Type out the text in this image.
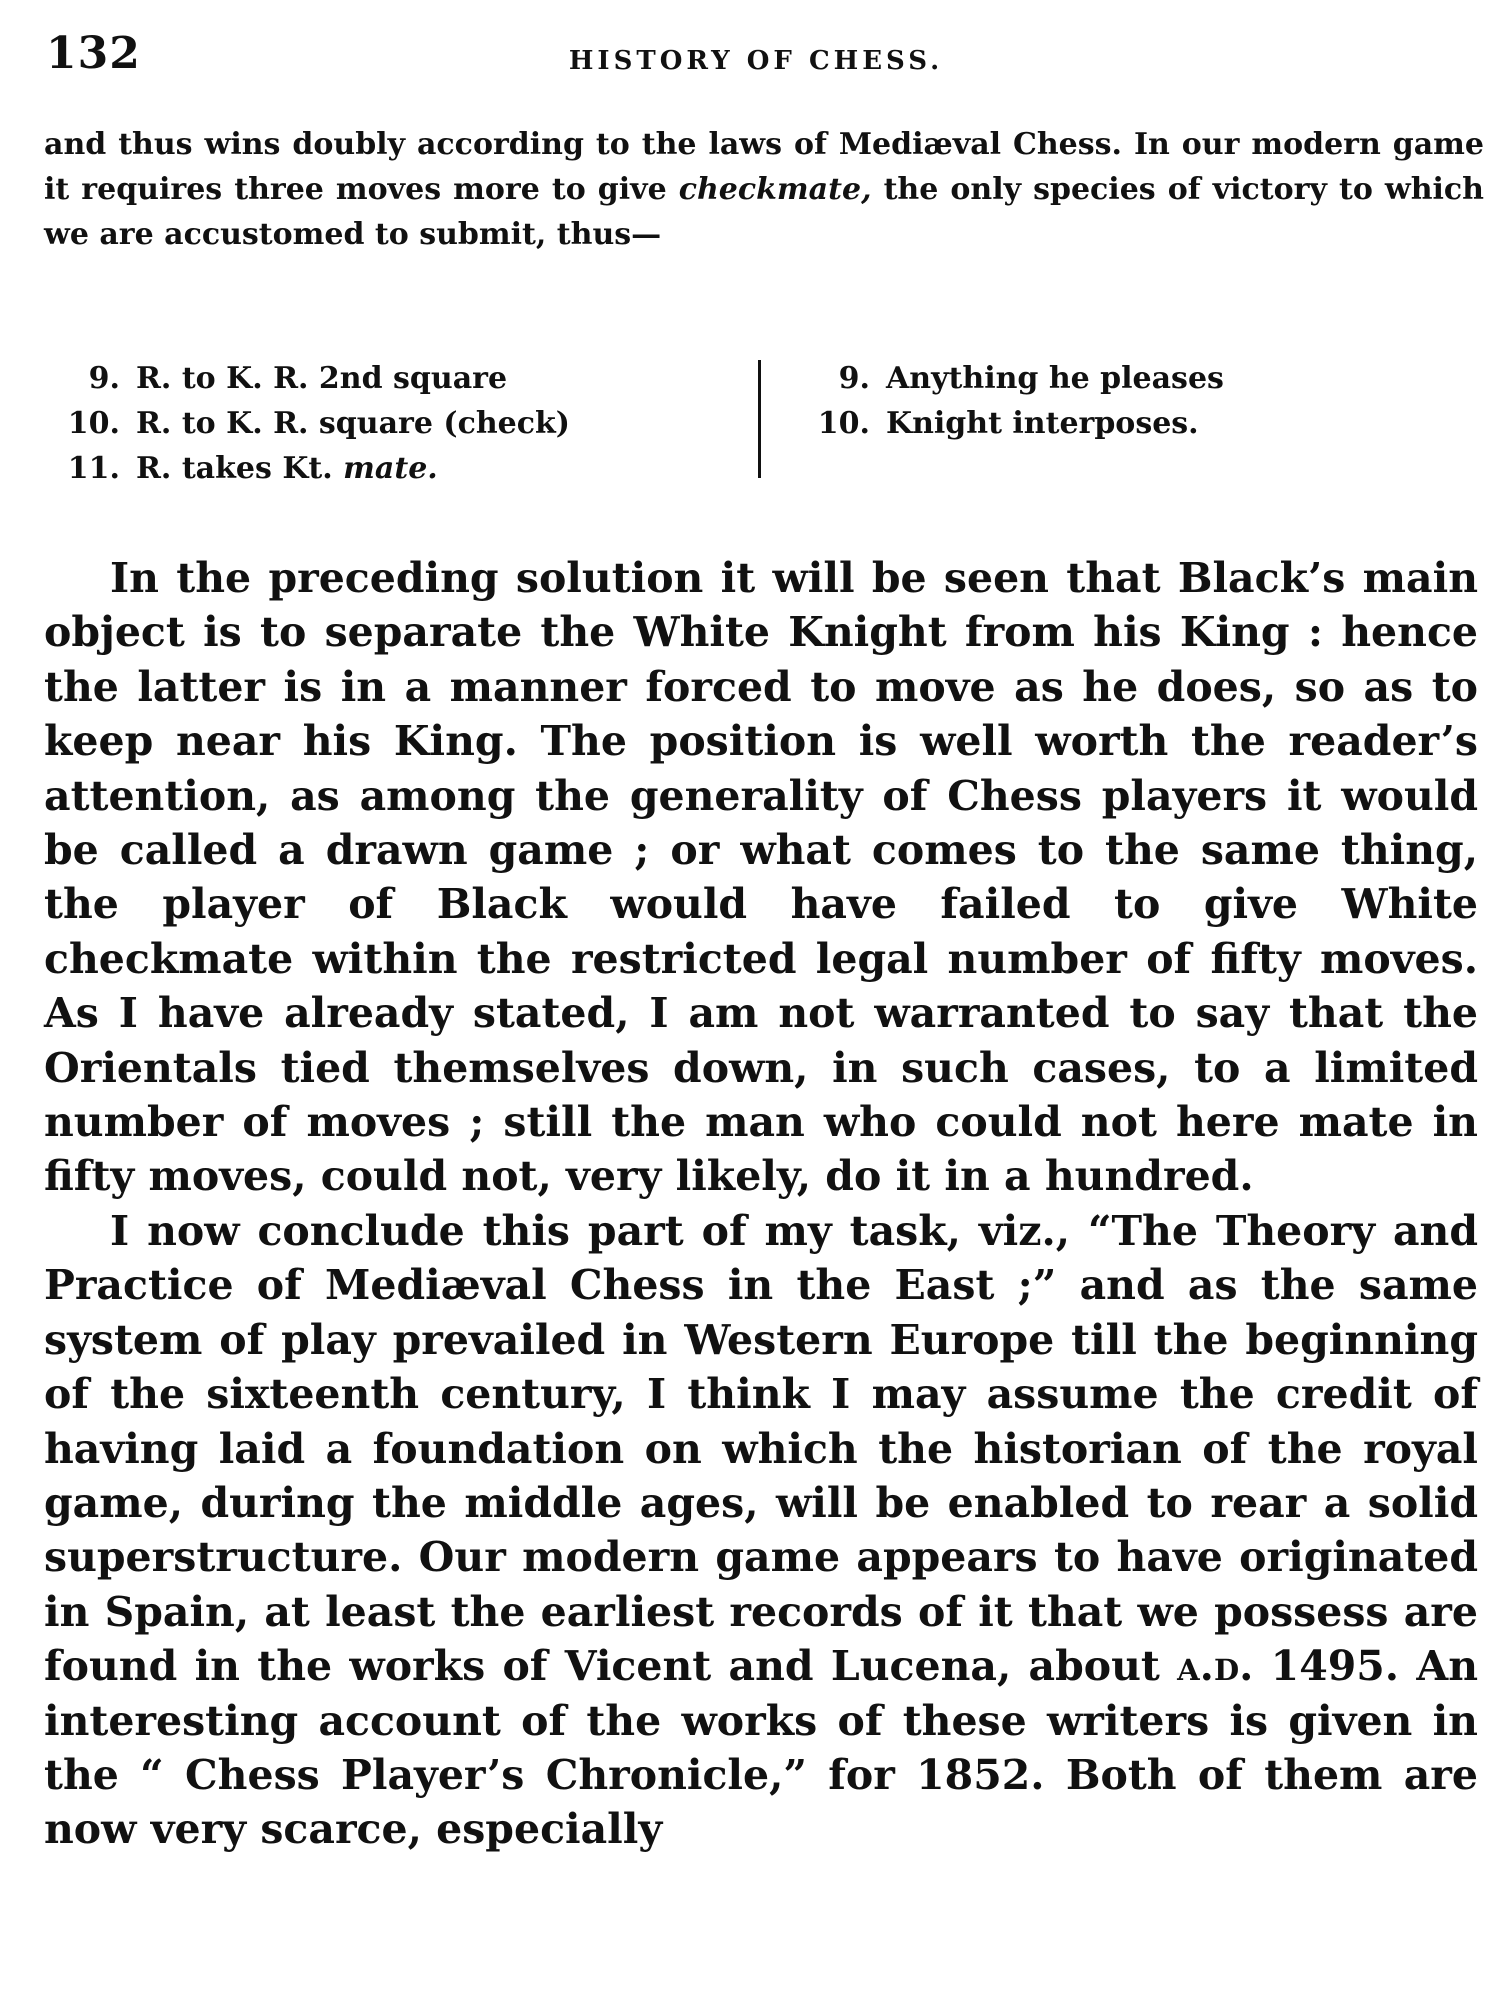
132	HISTORY OF CHESS.

and thus wins doubly according to the laws of Mediæval Chess. In our modern game it requires three moves more to give checkmate, the only species of victory to which we are accustomed to submit, thus—

9. R. to K. R. 2nd square
10. R. to K. R. square (check)
11. R. takes Kt. mate.
9. Anything he pleases
10. Knight interposes.

In the preceding solution it will be seen that Black’s main object is to separate the White Knight from his King : hence the latter is in a manner forced to move as he does, so as to keep near his King. The position is well worth the reader’s attention, as among the generality of Chess players it would be called a drawn game ; or what comes to the same thing, the player of Black would have failed to give White checkmate within the restricted legal number of fifty moves. As I have already stated, I am not warranted to say that the Orientals tied themselves down, in such cases, to a limited number of moves ; still the man who could not here mate in fifty moves, could not, very likely, do it in a hundred.

I now conclude this part of my task, viz., “The Theory and Practice of Mediæval Chess in the East ;” and as the same system of play prevailed in Western Europe till the beginning of the sixteenth century, I think I may assume the credit of having laid a foundation on which the historian of the royal game, during the middle ages, will be enabled to rear a solid superstructure. Our modern game appears to have originated in Spain, at least the earliest records of it that we possess are found in the works of Vicent and Lucena, about a.d. 1495. An interesting account of the works of these writers is given in the “ Chess Player’s Chronicle,” for 1852. Both of them are now very scarce, especially
